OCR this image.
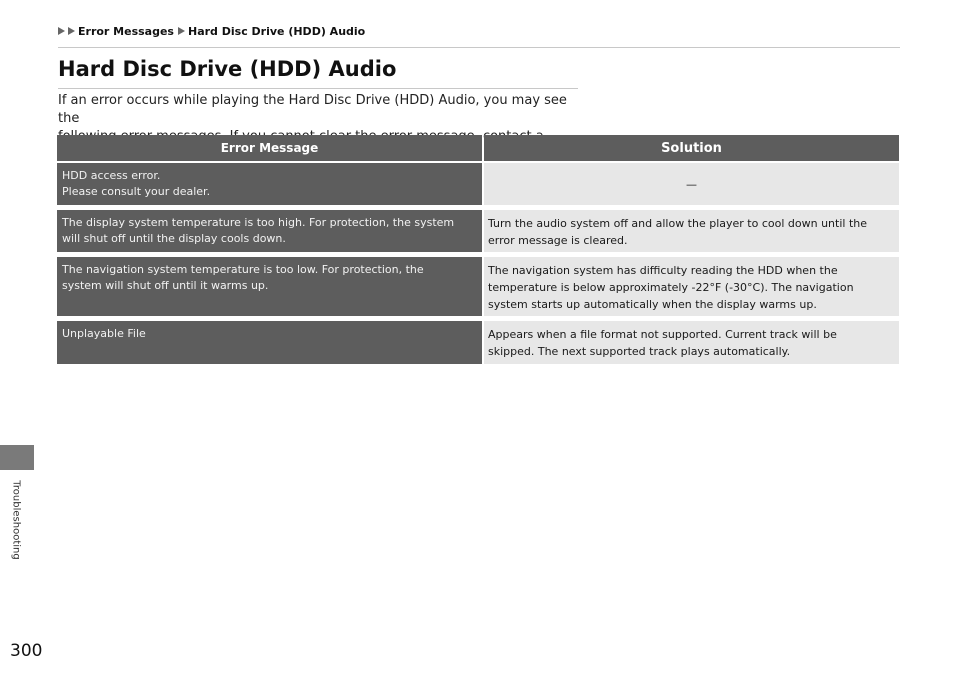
Error Messages Hard Disc Drive (HDD) Audio
Hard Disc Drive (HDD) Audio
If an error occurs while playing the Hard Disc Drive (HDD) Audio, you may see the
Error Message	Solution
HDD access error.
Please consult your dealer.
—
The display system temperature is too high. For protection, the system
will shut off until the display cools down.
Turn the audio system off and allow the player to cool down until the
error message is cleared.
The navigation system temperature is too low. For protection, the
system will shut off until it warms up.
The navigation system has difficulty reading the HDD when the
temperature is below approximately -22°F (-30°C). The navigation
system starts up automatically when the display warms up.
Unplayable File	Appears when a file format not supported. Current track will be
skipped. The next supported track plays automatically.
Troubleshooting
300
